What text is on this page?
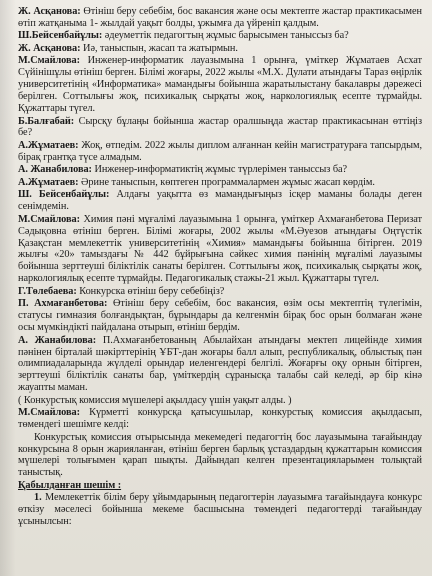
Ж. Асқанова: Өтініш беру себебім, бос вакансия және осы мектепте жастар практикасымен өтіп жатқаныма 1- жылдай уақыт болды, ұжымға да үйреніп қалдым.

Ш.Бейсенбайұлы: әдеуметтік педагогтың жұмыс барысымен таныссыз ба?

Ж. Асқанова: Иә, таныспын, жасап та жатырмын.

М.Смайлова: Инженер-информатик лауазымына 1 орынға, үміткер Жұматаев Асхат Сүйінішұлы өтініш берген. Білімі жоғары, 2022 жылы «М.Х. Дулати атындағы Тараз өңірлік университетінің «Информатика» мамандығы бойынша жаратылыстану бакалавры дәрежесі берілген. Соттылығы жоқ, психикалық сырқаты жоқ, наркологиялық есепте тұрмайды. Құжаттары түгел.

Б.Балғабай: Сырсқу бұлаңы бойынша жастар оралшыңда жастар практикасынан өттіңіз бе?

А.Жұматаев: Жоқ, өтпедім. 2022 жылы диплом алғаннан кейін магистратураға тапсырдым, бірақ грантқа түсе алмадым.

А. Жанабилова: Инженер-информатиктің жұмыс түрлерімен таныссыз ба?

А.Жұматаев: Әрине таныспын, көптеген программалармен жұмыс жасап көрдім.

Ш. Бейсенбайұлы: Алдағы уақытта өз мамандығыңыз ісқер маманы болады деген сенімдемін.

М.Смайлова: Химия пәні мұғалімі лауазымына 1 орынға, үміткер Ахмағанбетова Перизат Сәдықовна өтініш берген. Білімі жоғары, 2002 жылы «М.Әуезов атындағы Оңтүстік Қазақстан мемлекеттік университетінің «Химия» мамандығы бойынша бітірген. 2019 жылғы «20» тамыздағы № 442 бұйрығына сәйкес химия пәнінің мұғалімі лауазымы бойынша зерттеуші біліктілік санаты берілген. Соттылығы жоқ, психикалық сырқаты жоқ, наркологиялық есепте тұрмайды. Педагогикалық стажы-21 жыл. Құжаттары түгел.

Г.Төлебаева: Конкурска өтініш беру себебіңіз?

П. Ахмағанбетова: Өтініш беру себебім, бос вакансия, өзім осы мектептің түлегімін, статусы гимназия болғандықтан, бұрындары да келгенмін бірақ бос орын болмаған және осы мүмкіндікті пайдалана отырып, өтініш бердім.

А. Жанабилова: П.Ахмағанбетованың Абылайхан атындағы мектеп лицейінде химия пәнінен бірталай шәкірттерінің ҰБТ-дан жоғары балл алып, республикалық, облыстық пән олимпиадаларында жүлделі орындар иеленгендері белгілі. Жоғарғы оқу орнын бітірген, зерттеуші біліктілік санаты бар, үміткердің сұранысқа талабы сай келеді, әр бір кінә жауапты маман.

( Конкурстық комиссия мүшелері ақылдасу үшін уақыт алды. )

М.Смайлова: Күрметті конкурсқа қатысушылар, конкурстық комиссия ақылдасып, төмендегі шешімге келді:

Конкурстық комиссия отырысында мекемедегі педагогтің бос лауазымына тағайындау конкурсына 8 орын жарияланған, өтініш берген барлық ұстаздардың құжаттарын комиссия мүшелері толығымен қарап шықты. Дайындап келген презентацияларымен толықтай таныстық.

Қабылданған шешім :

1. Мемлекеттік білім беру ұйымдарының педагогтерін лауазымға тағайындауға конкурс өткізу мәселесі бойынша мекеме басшысына төмендегі педагогтерді тағайындау ұсынылсын:
